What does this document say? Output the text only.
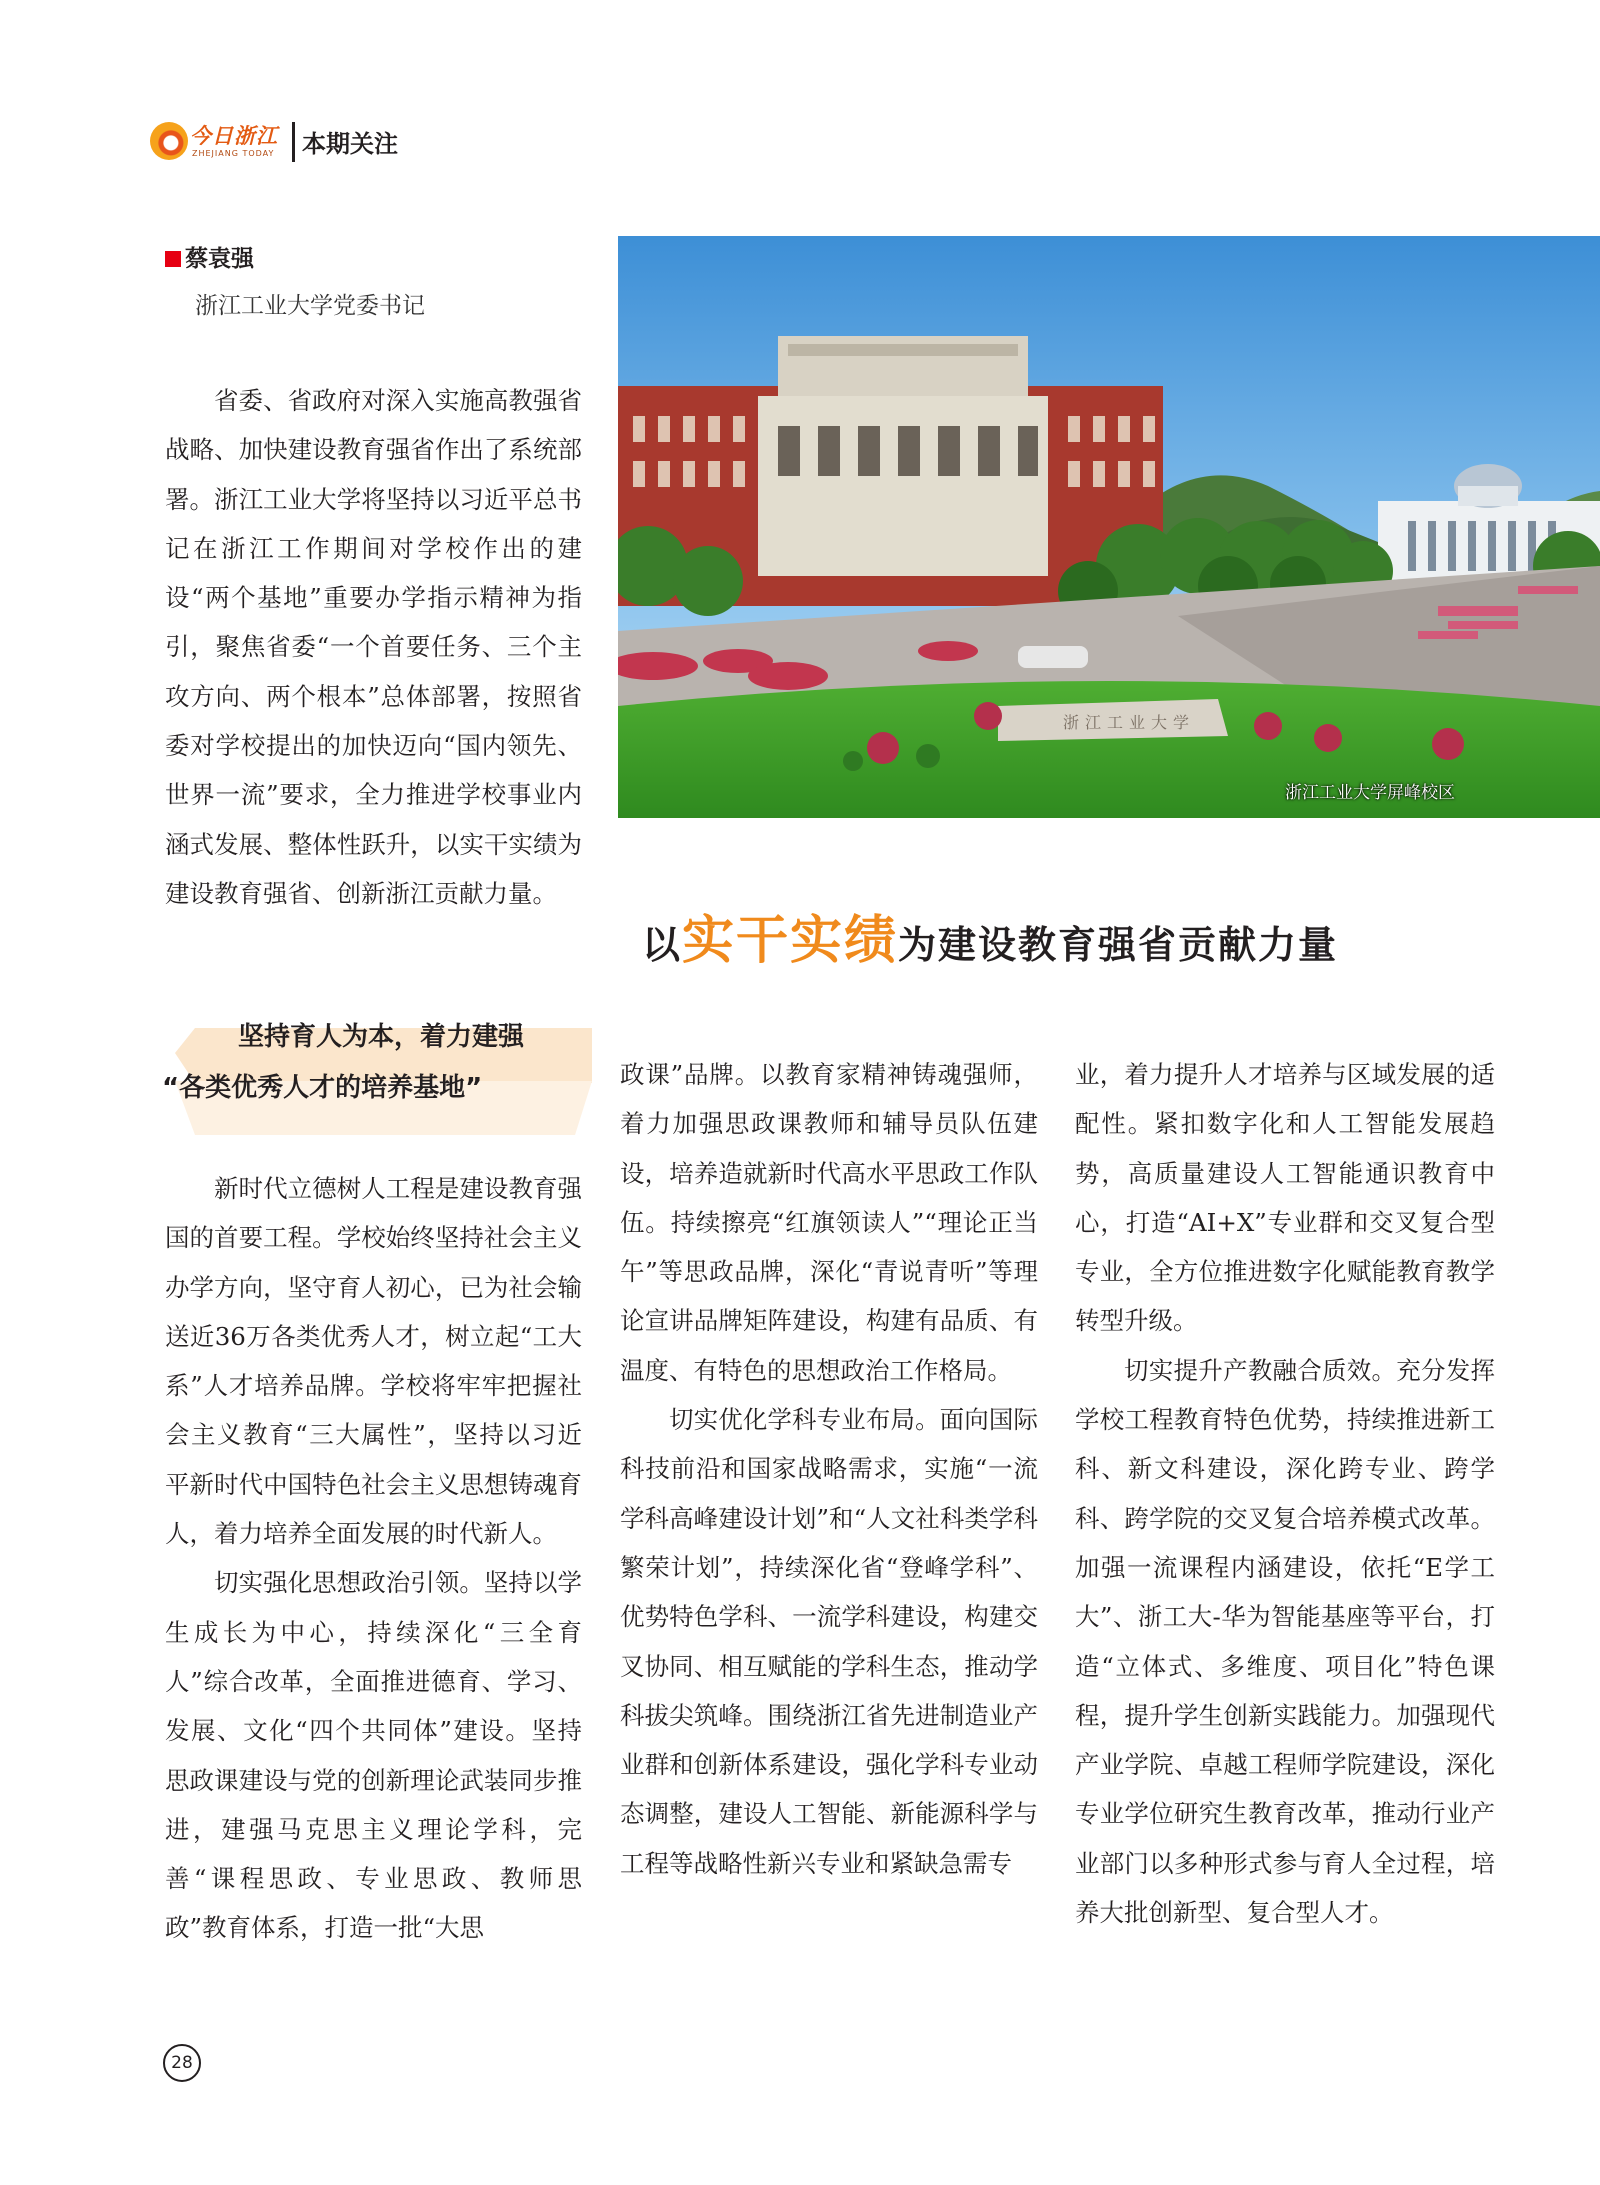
今日浙江
ZHEJIANG TODAY 本期关注
蔡袁强
浙江工业大学党委书记
浙江工业大学
浙江工业大学屏峰校区
以实干实绩为建设教育强省贡献力量
省委、省政府对深入实施高教强省战略、加快建设教育强省作出了系统部署。浙江工业大学将坚持以习近平总书记在浙江工作期间对学校作出的建设“两个基地”重要办学指示精神为指引，聚焦省委“一个首要任务、三个主攻方向、两个根本”总体部署，按照省委对学校提出的加快迈向“国内领先、世界一流”要求，全力推进学校事业内涵式发展、整体性跃升，以实干实绩为建设教育强省、创新浙江贡献力量。
坚持育人为本，着力建强
“各类优秀人才的培养基地”

新时代立德树人工程是建设教育强国的首要工程。学校始终坚持社会主义办学方向，坚守育人初心，已为社会输送近36万各类优秀人才，树立起“工大系”人才培养品牌。学校将牢牢把握社会主义教育“三大属性”，坚持以习近平新时代中国特色社会主义思想铸魂育人，着力培养全面发展的时代新人。

切实强化思想政治引领。坚持以学生成长为中心，持续深化“三全育人”综合改革，全面推进德育、学习、发展、文化“四个共同体”建设。坚持思政课建设与党的创新理论武装同步推进，建强马克思主义理论学科，完善“课程思政、专业思政、教师思政”教育体系，打造一批“大思

政课”品牌。以教育家精神铸魂强师，着力加强思政课教师和辅导员队伍建设，培养造就新时代高水平思政工作队伍。持续擦亮“红旗领读人”“理论正当午”等思政品牌，深化“青说青听”等理论宣讲品牌矩阵建设，构建有品质、有温度、有特色的思想政治工作格局。

切实优化学科专业布局。面向国际科技前沿和国家战略需求，实施“一流学科高峰建设计划”和“人文社科类学科繁荣计划”，持续深化省“登峰学科”、优势特色学科、一流学科建设，构建交叉协同、相互赋能的学科生态，推动学科拔尖筑峰。围绕浙江省先进制造业产业群和创新体系建设，强化学科专业动态调整，建设人工智能、新能源科学与工程等战略性新兴专业和紧缺急需专

业，着力提升人才培养与区域发展的适配性。紧扣数字化和人工智能发展趋势，高质量建设人工智能通识教育中心，打造“AI+X”专业群和交叉复合型专业，全方位推进数字化赋能教育教学转型升级。

切实提升产教融合质效。充分发挥学校工程教育特色优势，持续推进新工科、新文科建设，深化跨专业、跨学科、跨学院的交叉复合培养模式改革。加强一流课程内涵建设，依托“E学工大”、浙工大-华为智能基座等平台，打造“立体式、多维度、项目化”特色课程，提升学生创新实践能力。加强现代产业学院、卓越工程师学院建设，深化专业学位研究生教育改革，推动行业产业部门以多种形式参与育人全过程，培养大批创新型、复合型人才。

28
